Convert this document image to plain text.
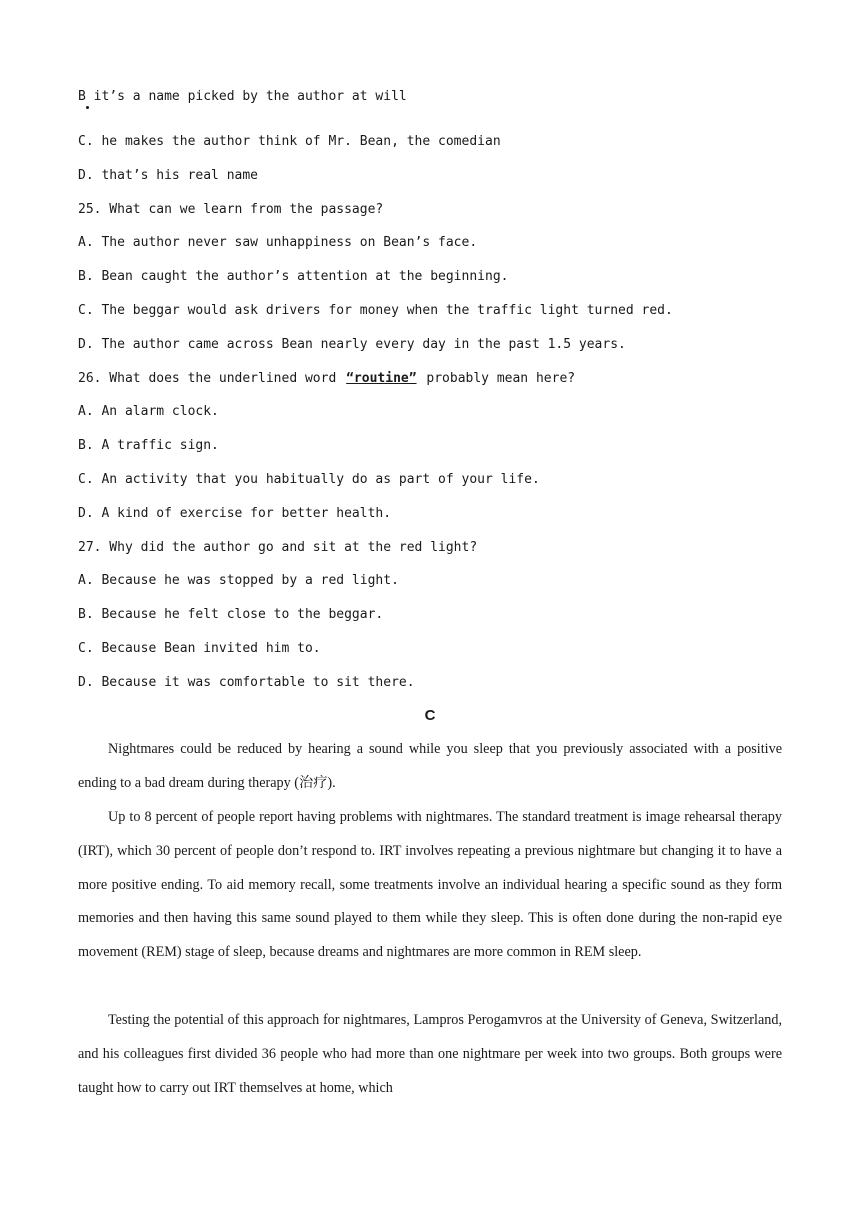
B it’s a name picked by the author at will

C. he makes the author think of Mr. Bean, the comedian

D. that’s his real name

25. What can we learn from the passage?

A. The author never saw unhappiness on Bean’s face.

B. Bean caught the author’s attention at the beginning.

C. The beggar would ask drivers for money when the traffic light turned red.

D. The author came across Bean nearly every day in the past 1.5 years.

26. What does the underlined word “routine” probably mean here?

A. An alarm clock.

B. A traffic sign.

C. An activity that you habitually do as part of your life.

D. A kind of exercise for better health.

27. Why did the author go and sit at the red light?

A. Because he was stopped by a red light.

B. Because he felt close to the beggar.

C. Because Bean invited him to.

D. Because it was comfortable to sit there.

C

Nightmares could be reduced by hearing a sound while you sleep that you previously associated with a positive ending to a bad dream during therapy (治疗).

Up to 8 percent of people report having problems with nightmares. The standard treatment is image rehearsal therapy (IRT), which 30 percent of people don’t respond to. IRT involves repeating a previous nightmare but changing it to have a more positive ending. To aid memory recall, some treatments involve an individual hearing a specific sound as they form memories and then having this same sound played to them while they sleep. This is often done during the non-rapid eye movement (REM) stage of sleep, because dreams and nightmares are more common in REM sleep.

Testing the potential of this approach for nightmares, Lampros Perogamvros at the University of Geneva, Switzerland, and his colleagues first divided 36 people who had more than one nightmare per week into two groups. Both groups were taught how to carry out IRT themselves at home, which
